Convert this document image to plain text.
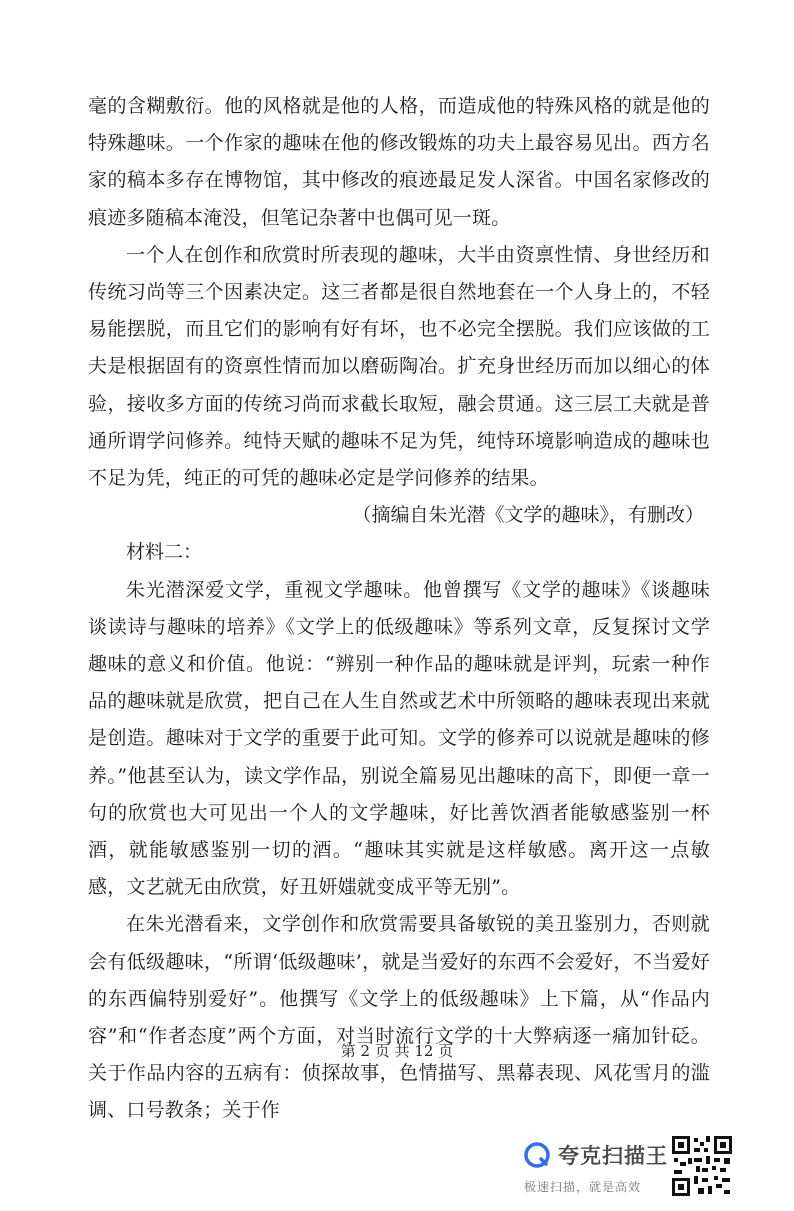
毫的含糊敷衍。他的风格就是他的人格，而造成他的特殊风格的就是他的特殊趣味。一个作家的趣味在他的修改锻炼的功夫上最容易见出。西方名家的稿本多存在博物馆，其中修改的痕迹最足发人深省。中国名家修改的痕迹多随稿本淹没，但笔记杂著中也偶可见一斑。

一个人在创作和欣赏时所表现的趣味，大半由资禀性情、身世经历和传统习尚等三个因素决定。这三者都是很自然地套在一个人身上的，不轻易能摆脱，而且它们的影响有好有坏，也不必完全摆脱。我们应该做的工夫是根据固有的资禀性情而加以磨砺陶冶。扩充身世经历而加以细心的体验，接收多方面的传统习尚而求截长取短，融会贯通。这三层工夫就是普通所谓学问修养。纯恃天赋的趣味不足为凭，纯恃环境影响造成的趣味也不足为凭，纯正的可凭的趣味必定是学问修养的结果。

（摘编自朱光潜《文学的趣味》，有删改）

材料二：

朱光潜深爱文学，重视文学趣味。他曾撰写《文学的趣味》《谈趣味谈读诗与趣味的培养》《文学上的低级趣味》等系列文章，反复探讨文学趣味的意义和价值。他说：“辨别一种作品的趣味就是评判，玩索一种作品的趣味就是欣赏，把自己在人生自然或艺术中所领略的趣味表现出来就是创造。趣味对于文学的重要于此可知。文学的修养可以说就是趣味的修养。”他甚至认为，读文学作品，别说全篇易见出趣味的高下，即便一章一句的欣赏也大可见出一个人的文学趣味，好比善饮酒者能敏感鉴别一杯酒，就能敏感鉴别一切的酒。“趣味其实就是这样敏感。离开这一点敏感，文艺就无由欣赏，好丑妍媸就变成平等无别”。

在朱光潜看来，文学创作和欣赏需要具备敏锐的美丑鉴别力，否则就会有低级趣味，“所谓‘低级趣味’，就是当爱好的东西不会爱好，不当爱好的东西偏特别爱好”。他撰写《文学上的低级趣味》上下篇，从“作品内容”和“作者态度”两个方面，对当时流行文学的十大弊病逐一痛加针砭。关于作品内容的五病有：侦探故事，色情描写、黑幕表现、风花雪月的滥调、口号教条；关于作

第 2 页 共 12 页
夸克扫描王
极速扫描，就是高效
